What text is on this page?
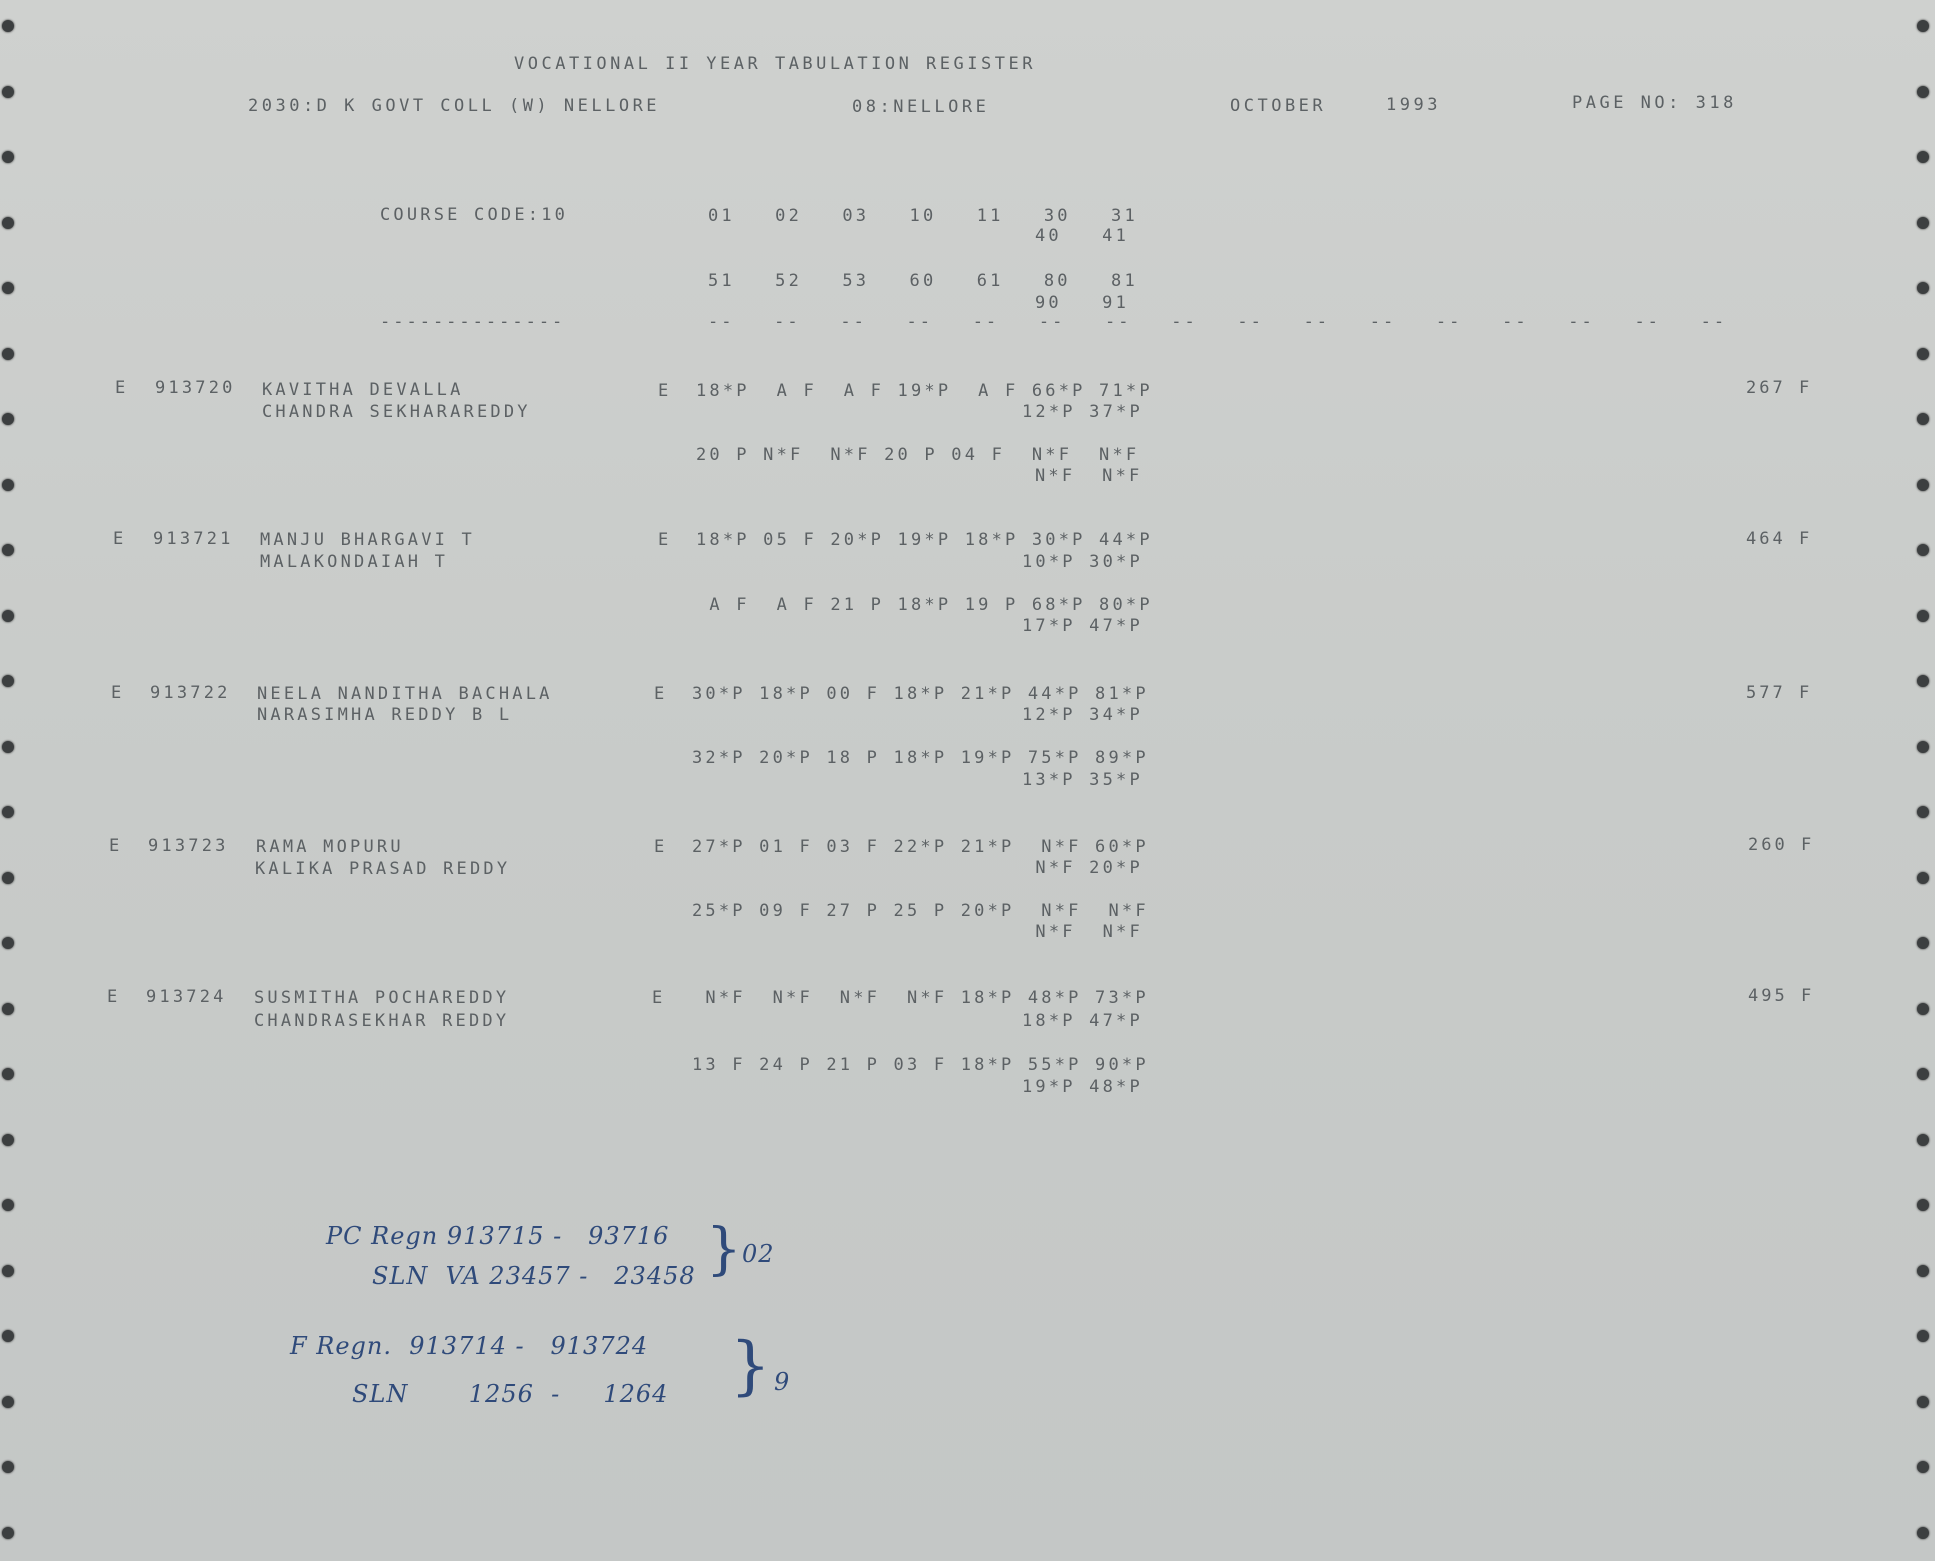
VOCATIONAL II YEAR TABULATION REGISTER
2030:D K GOVT COLL (W) NELLORE	08:NELLORE	OCTOBER	1993	PAGE NO: 318
COURSE CODE:10	01   02   03   10   11   30   31
40   41
51   52   53   60   61   80   81
90   91
--------------	--   --   --   --   --   --   --   --   --   --   --   --   --   --   --   --
E 913720 KAVITHA DEVALLA
CHANDRA SEKHARAREDDY
E 18*P  A F  A F 19*P  A F 66*P 71*P
12*P 37*P
20 P N*F  N*F 20 P 04 F  N*F  N*F
N*F  N*F
267 F
E 913721 MANJU BHARGAVI T
MALAKONDAIAH T
E 18*P 05 F 20*P 19*P 18*P 30*P 44*P
10*P 30*P
A F  A F 21 P 18*P 19 P 68*P 80*P
17*P 47*P
464 F
E 913722 NEELA NANDITHA BACHALA
NARASIMHA REDDY B L
E 30*P 18*P 00 F 18*P 21*P 44*P 81*P
12*P 34*P
32*P 20*P 18 P 18*P 19*P 75*P 89*P
13*P 35*P
577 F
E 913723 RAMA MOPURU
KALIKA PRASAD REDDY
E 27*P 01 F 03 F 22*P 21*P  N*F 60*P
N*F 20*P
25*P 09 F 27 P 25 P 20*P  N*F  N*F
N*F  N*F
260 F
E 913724 SUSMITHA POCHAREDDY
CHANDRASEKHAR REDDY
E N*F  N*F  N*F  N*F 18*P 48*P 73*P
18*P 47*P
13 F 24 P 21 P 03 F 18*P 55*P 90*P
19*P 48*P
495 F
PC Regn 913715 -   93716
SLN  VA 23457 -   23458 } 02
F Regn.  913714 -   913724
SLN       1256  -     1264 } 9
